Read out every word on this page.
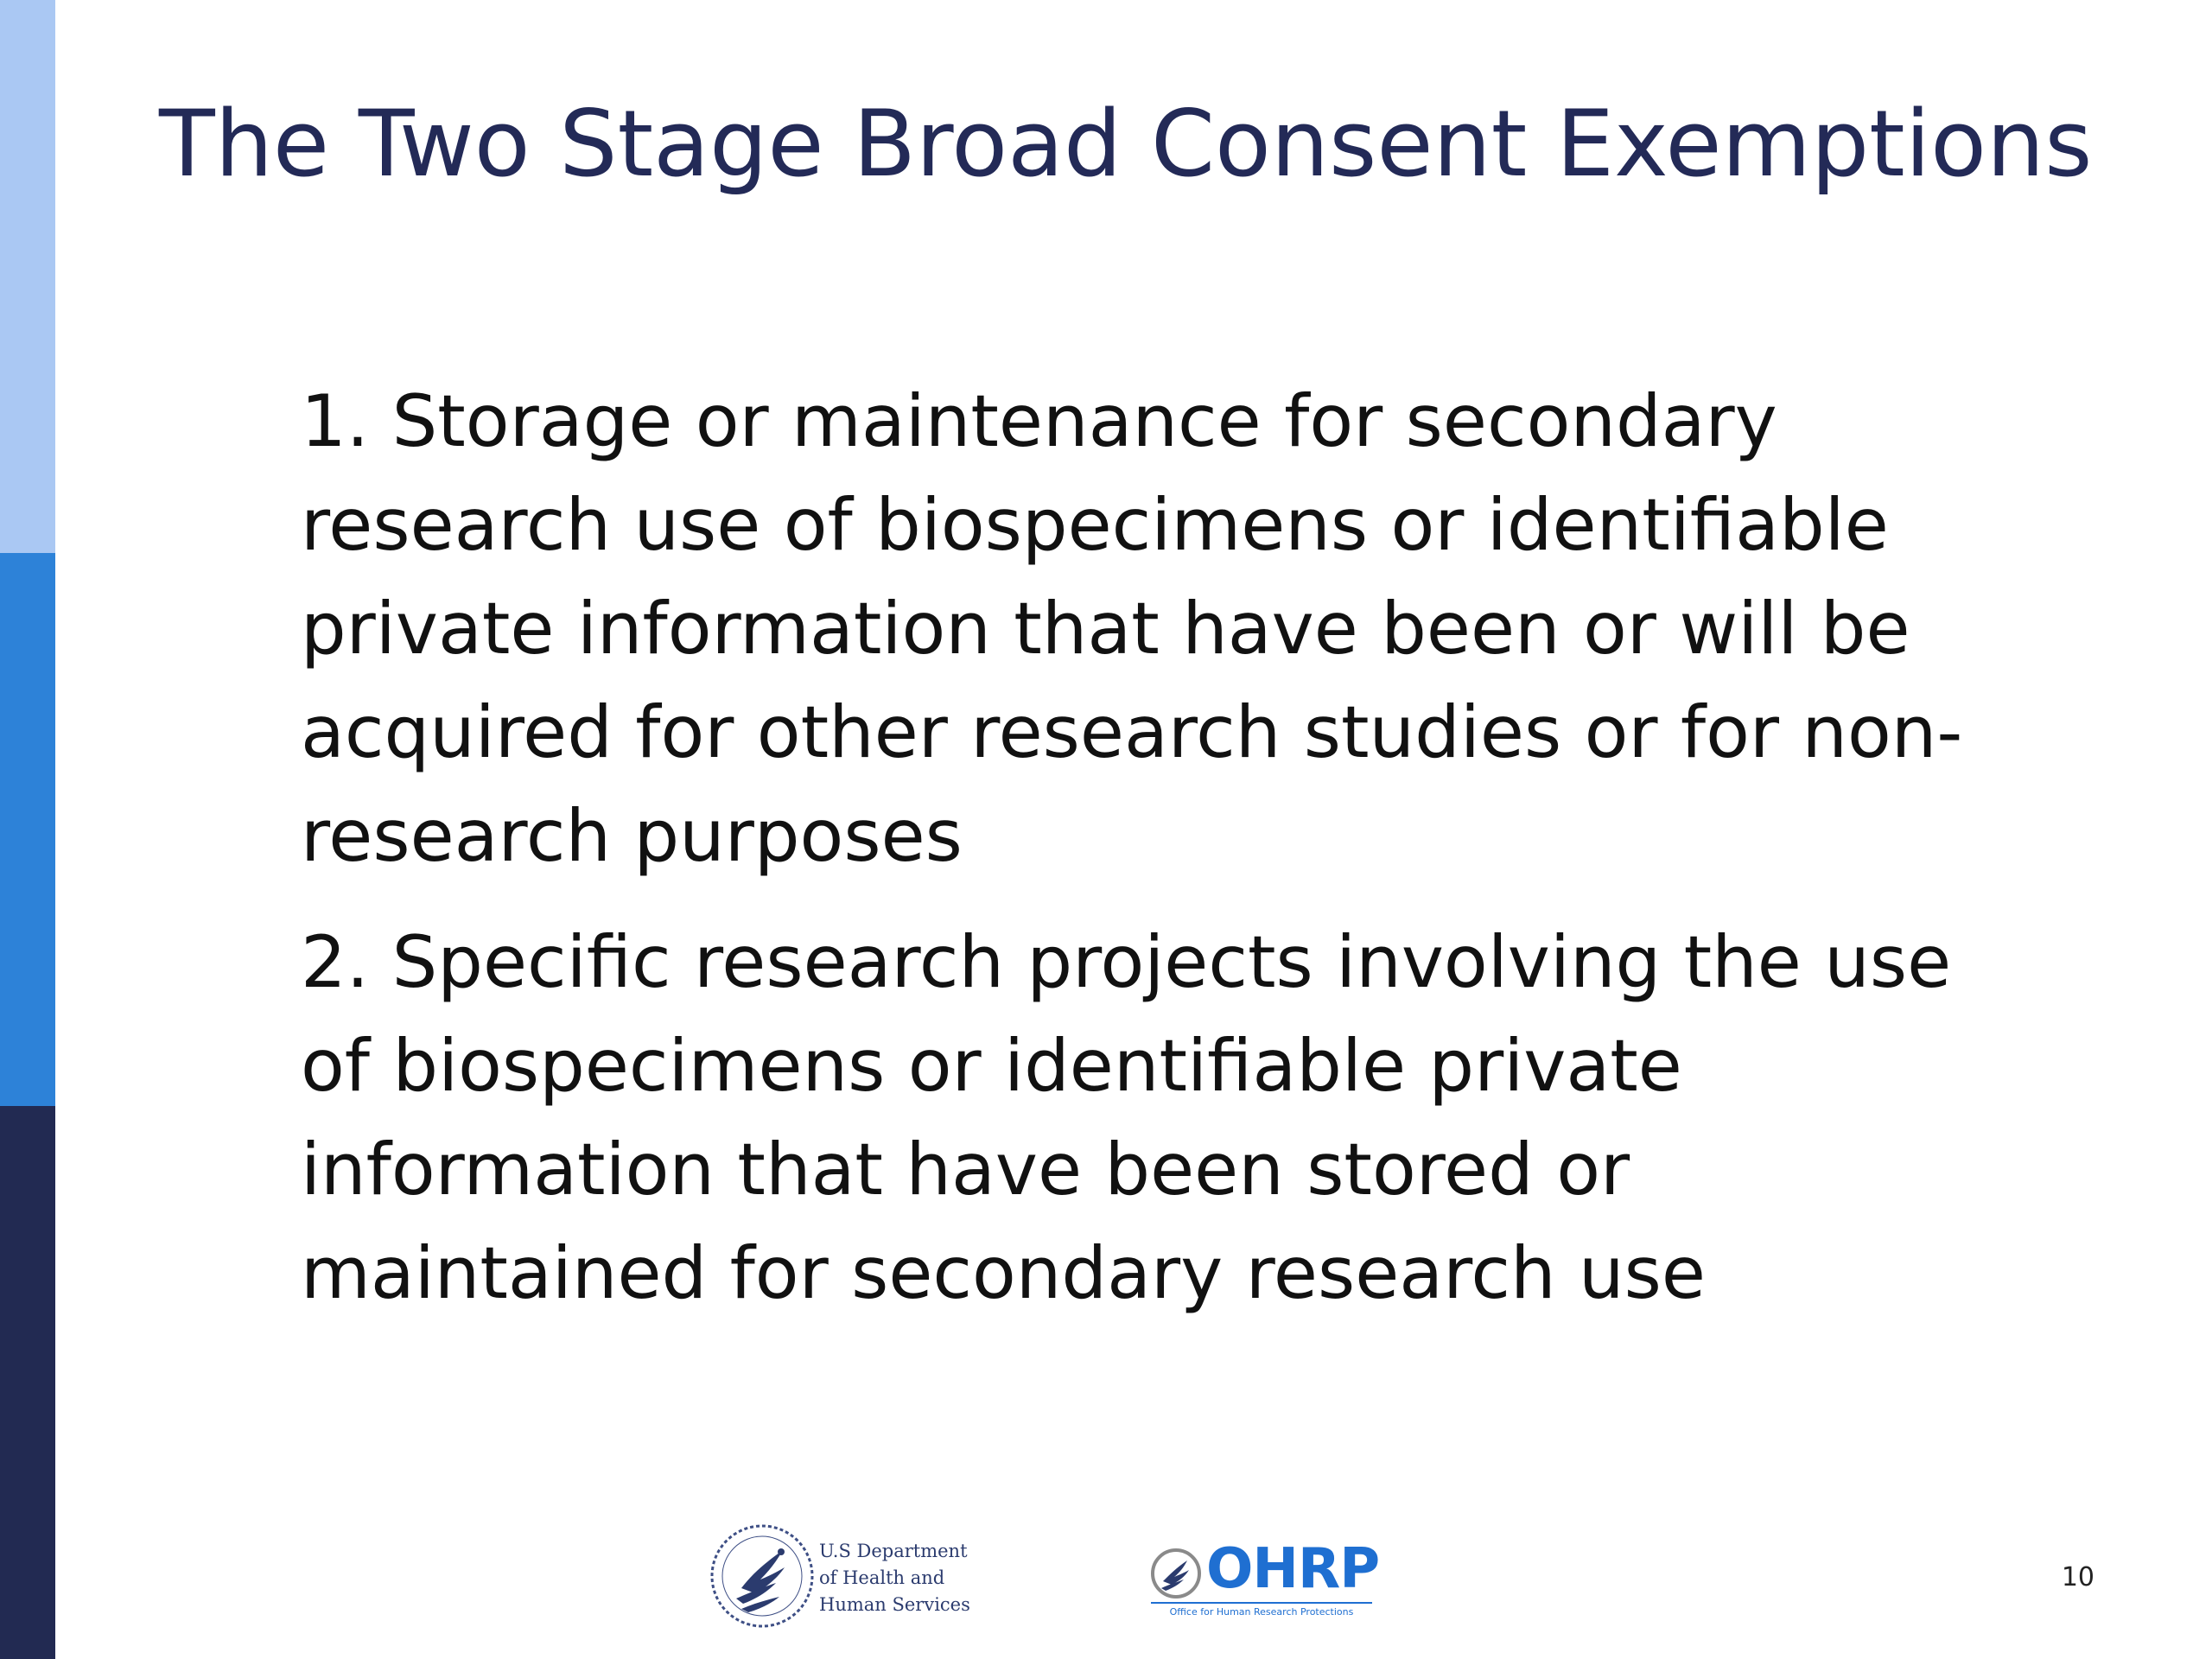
The Two Stage Broad Consent Exemptions
1. Storage or maintenance for secondary research use of biospecimens or identifiable private information that have been or will be acquired for other research studies or for non-research purposes
2. Specific research projects involving the use of biospecimens or identifiable private information that have been stored or maintained for secondary research use
U.S Department
of Health and
Human Services
OHRP
Office for Human Research Protections
10
